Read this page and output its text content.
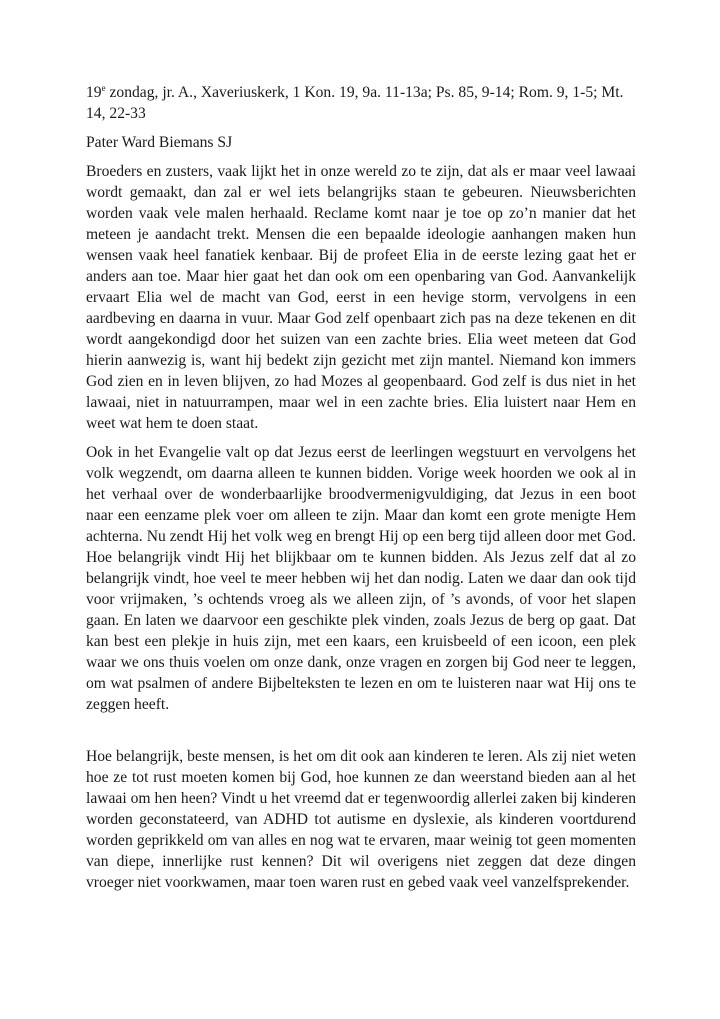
19e zondag, jr. A., Xaveriuskerk, 1 Kon. 19, 9a. 11-13a; Ps. 85, 9-14; Rom. 9, 1-5; Mt. 14, 22-33

Pater Ward Biemans SJ

Broeders en zusters, vaak lijkt het in onze wereld zo te zijn, dat als er maar veel lawaai wordt gemaakt, dan zal er wel iets belangrijks staan te gebeuren. Nieuwsberichten worden vaak vele malen herhaald. Reclame komt naar je toe op zo’n manier dat het meteen je aandacht trekt. Mensen die een bepaalde ideologie aanhangen maken hun wensen vaak heel fanatiek kenbaar. Bij de profeet Elia in de eerste lezing gaat het er anders aan toe. Maar hier gaat het dan ook om een openbaring van God. Aanvankelijk ervaart Elia wel de macht van God, eerst in een hevige storm, vervolgens in een aardbeving en daarna in vuur. Maar God zelf openbaart zich pas na deze tekenen en dit wordt aangekondigd door het suizen van een zachte bries. Elia weet meteen dat God hierin aanwezig is, want hij bedekt zijn gezicht met zijn mantel. Niemand kon immers God zien en in leven blijven, zo had Mozes al geopenbaard. God zelf is dus niet in het lawaai, niet in natuurrampen, maar wel in een zachte bries. Elia luistert naar Hem en weet wat hem te doen staat.

Ook in het Evangelie valt op dat Jezus eerst de leerlingen wegstuurt en vervolgens het volk wegzendt, om daarna alleen te kunnen bidden. Vorige week hoorden we ook al in het verhaal over de wonderbaarlijke broodvermenigvuldiging, dat Jezus in een boot naar een eenzame plek voer om alleen te zijn. Maar dan komt een grote menigte Hem achterna. Nu zendt Hij het volk weg en brengt Hij op een berg tijd alleen door met God. Hoe belangrijk vindt Hij het blijkbaar om te kunnen bidden. Als Jezus zelf dat al zo belangrijk vindt, hoe veel te meer hebben wij het dan nodig. Laten we daar dan ook tijd voor vrijmaken, ’s ochtends vroeg als we alleen zijn, of ’s avonds, of voor het slapen gaan. En laten we daarvoor een geschikte plek vinden, zoals Jezus de berg op gaat. Dat kan best een plekje in huis zijn, met een kaars, een kruisbeeld of een icoon, een plek waar we ons thuis voelen om onze dank, onze vragen en zorgen bij God neer te leggen, om wat psalmen of andere Bijbelteksten te lezen en om te luisteren naar wat Hij ons te zeggen heeft.

Hoe belangrijk, beste mensen, is het om dit ook aan kinderen te leren. Als zij niet weten hoe ze tot rust moeten komen bij God, hoe kunnen ze dan weerstand bieden aan al het lawaai om hen heen? Vindt u het vreemd dat er tegenwoordig allerlei zaken bij kinderen worden geconstateerd, van ADHD tot autisme en dyslexie, als kinderen voortdurend worden geprikkeld om van alles en nog wat te ervaren, maar weinig tot geen momenten van diepe, innerlijke rust kennen? Dit wil overigens niet zeggen dat deze dingen vroeger niet voorkwamen, maar toen waren rust en gebed vaak veel vanzelfsprekender.
